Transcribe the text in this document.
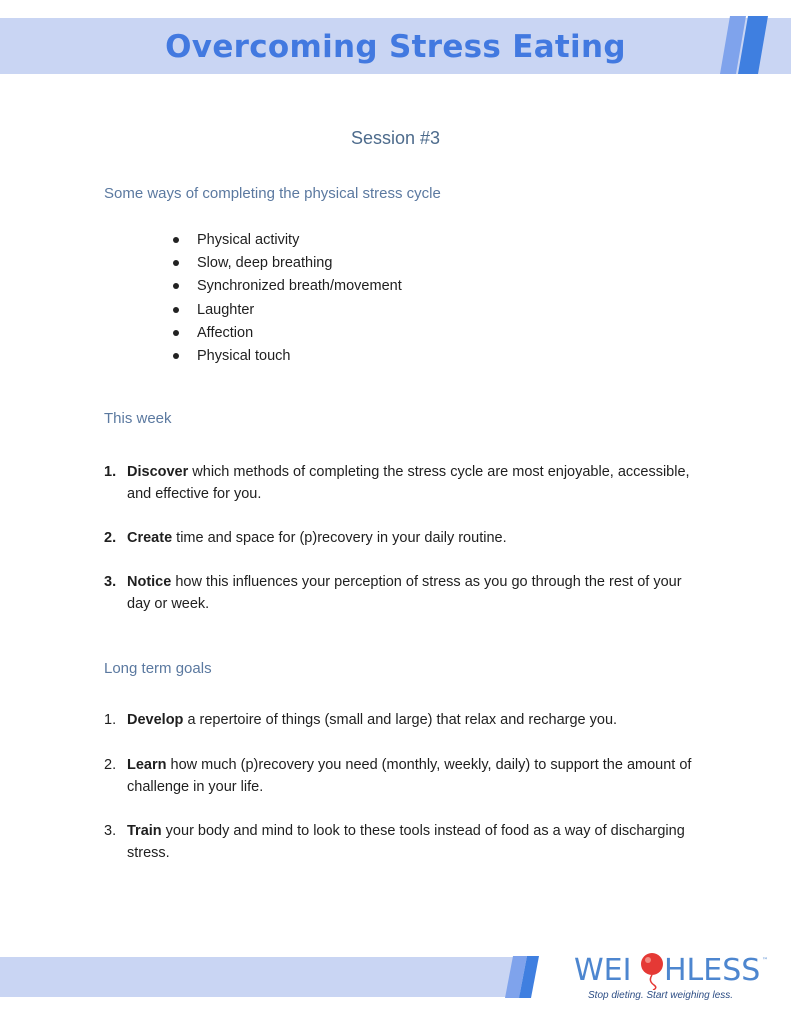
Overcoming Stress Eating
Session #3
Some ways of completing the physical stress cycle
Physical activity
Slow, deep breathing
Synchronized breath/movement
Laughter
Affection
Physical touch
This week
1. Discover which methods of completing the stress cycle are most enjoyable, accessible, and effective for you.
2. Create time and space for (p)recovery in your daily routine.
3. Notice how this influences your perception of stress as you go through the rest of your day or week.
Long term goals
1. Develop a repertoire of things (small and large) that relax and recharge you.
2. Learn how much (p)recovery you need (monthly, weekly, daily) to support the amount of challenge in your life.
3. Train your body and mind to look to these tools instead of food as a way of discharging stress.
WEI HLESS ™
Stop dieting. Start weighing less.
